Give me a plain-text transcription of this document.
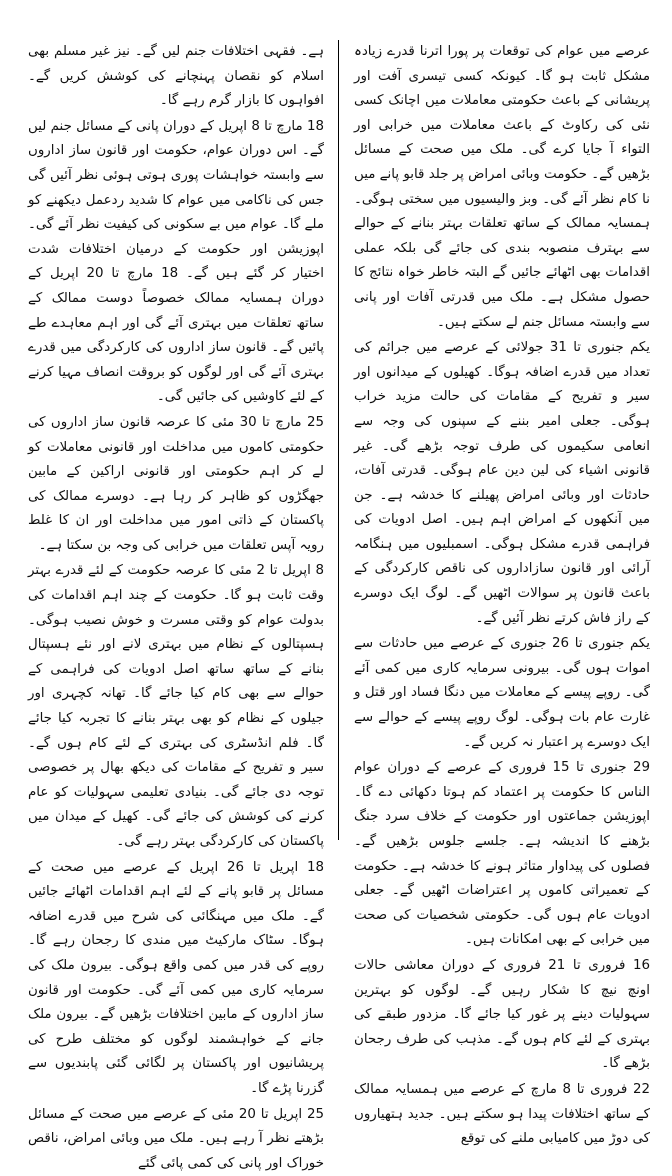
عرصے میں عوام کی توقعات پر پورا اترنا قدرے زیادہ مشکل ثابت ہو گا۔ کیونکہ کسی تیسری آفت اور پریشانی کے باعث حکومتی معاملات میں اچانک کسی نئی کی رکاوٹ کے باعث معاملات میں خرابی اور التواء آ جایا کرے گی۔ ملک میں صحت کے مسائل بڑھیں گے۔ حکومت وبائی امراض پر جلد قابو پانے میں نا کام نظر آئے گی۔ وبز والیسیوں میں سختی ہوگی۔ ہمسایہ ممالک کے ساتھ تعلقات بہتر بنانے کے حوالے سے بہترف منصوبہ بندی کی جائے گی بلکہ عملی اقدامات بھی اٹھائے جائیں گے البتہ خاطر خواہ نتائج کا حصول مشکل ہے۔ ملک میں قدرتی آفات اور پانی سے وابستہ مسائل جنم لے سکتے ہیں۔

یکم جنوری تا 31 جولائی کے عرصے میں جرائم کی تعداد میں قدرے اضافہ ہوگا۔ کھیلوں کے میدانوں اور سیر و تفریح کے مقامات کی حالت مزید خراب ہوگی۔ جعلی امیر بننے کے سپنوں کی وجہ سے انعامی سکیموں کی طرف توجہ بڑھے گی۔ غیر قانونی اشیاء کی لین دین عام ہوگی۔ قدرتی آفات، حادثات اور وبائی امراض پھیلنے کا خدشہ ہے۔ جن میں آنکھوں کے امراض اہم ہیں۔ اصل ادویات کی فراہمی قدرے مشکل ہوگی۔ اسمبلیوں میں ہنگامہ آرائی اور قانون سازاداروں کی ناقص کارکردگی کے باعث قانون پر سوالات اٹھیں گے۔ لوگ ایک دوسرے کے راز فاش کرتے نظر آئیں گے۔

یکم جنوری تا 26 جنوری کے عرصے میں حادثات سے اموات ہوں گی۔ بیرونی سرمایہ کاری میں کمی آئے گی۔ روپے پیسے کے معاملات میں دنگا فساد اور قتل و غارت عام بات ہوگی۔ لوگ روپے پیسے کے حوالے سے ایک دوسرے پر اعتبار نہ کریں گے۔

29 جنوری تا 15 فروری کے عرصے کے دوران عوام الناس کا حکومت پر اعتماد کم ہوتا دکھائی دے گا۔ اپوزیشن جماعتوں اور حکومت کے خلاف سرد جنگ بڑھنے کا اندیشہ ہے۔ جلسے جلوس بڑھیں گے۔ فصلوں کی پیداوار متاثر ہونے کا خدشہ ہے۔ حکومت کے تعمیراتی کاموں پر اعتراضات اٹھیں گے۔ جعلی ادویات عام ہوں گی۔ حکومتی شخصیات کی صحت میں خرابی کے بھی امکانات ہیں۔

16 فروری تا 21 فروری کے دوران معاشی حالات اونچ نیچ کا شکار رہیں گے۔ لوگوں کو بہترین سہولیات دینے پر غور کیا جائے گا۔ مزدور طبقے کی بہتری کے لئے کام ہوں گے۔ مذہب کی طرف رجحان بڑھے گا۔

22 فروری تا 8 مارچ کے عرصے میں ہمسایہ ممالک کے ساتھ اختلافات پیدا ہو سکتے ہیں۔ جدید ہتھیاروں کی دوڑ میں کامیابی ملنے کی توقع

ہے۔ فقہی اختلافات جنم لیں گے۔ نیز غیر مسلم بھی اسلام کو نقصان پہنچانے کی کوشش کریں گے۔ افواہوں کا بازار گرم رہے گا۔

18 مارچ تا 8 اپریل کے دوران پانی کے مسائل جنم لیں گے۔ اس دوران عوام، حکومت اور قانون ساز اداروں سے وابستہ خواہشات پوری ہوتی ہوئی نظر آئیں گی جس کی ناکامی میں عوام کا شدید ردعمل دیکھنے کو ملے گا۔ عوام میں بے سکونی کی کیفیت نظر آئے گی۔ اپوزیشن اور حکومت کے درمیان اختلافات شدت اختیار کر گئے ہیں گے۔ 18 مارچ تا 20 اپریل کے دوران ہمسایہ ممالک خصوصاً دوست ممالک کے ساتھ تعلقات میں بہتری آئے گی اور اہم معاہدے طے پائیں گے۔ قانون ساز اداروں کی کارکردگی میں قدرے بہتری آئے گی اور لوگوں کو بروقت انصاف مہیا کرنے کے لئے کاوشیں کی جائیں گی۔

25 مارچ تا 30 مئی کا عرصہ قانون ساز اداروں کی حکومتی کاموں میں مداخلت اور قانونی معاملات کو لے کر اہم حکومتی اور قانونی اراکین کے مابین جھگڑوں کو ظاہر کر رہا ہے۔ دوسرے ممالک کی پاکستان کے ذاتی امور میں مداخلت اور ان کا غلط رویہ آپس تعلقات میں خرابی کی وجہ بن سکتا ہے۔

8 اپریل تا 2 مئی کا عرصہ حکومت کے لئے قدرے بہتر وقت ثابت ہو گا۔ حکومت کے چند اہم اقدامات کی بدولت عوام کو وقتی مسرت و خوش نصیب ہوگی۔ ہسپتالوں کے نظام میں بہتری لانے اور نئے ہسپتال بنانے کے ساتھ ساتھ اصل ادویات کی فراہمی کے حوالے سے بھی کام کیا جائے گا۔ تھانہ کچہری اور جیلوں کے نظام کو بھی بہتر بنانے کا تجربہ کیا جائے گا۔ فلم انڈسٹری کی بہتری کے لئے کام ہوں گے۔ سیر و تفریح کے مقامات کی دیکھ بھال پر خصوصی توجہ دی جائے گی۔ بنیادی تعلیمی سہولیات کو عام کرنے کی کوشش کی جائے گی۔ کھیل کے میدان میں پاکستان کی کارکردگی بہتر رہے گی۔

18 اپریل تا 26 اپریل کے عرصے میں صحت کے مسائل پر قابو پانے کے لئے اہم اقدامات اٹھائے جائیں گے۔ ملک میں مہنگائی کی شرح میں قدرے اضافہ ہوگا۔ سٹاک مارکیٹ میں مندی کا رجحان رہے گا۔ روپے کی قدر میں کمی واقع ہوگی۔ بیرون ملک کی سرمایہ کاری میں کمی آئے گی۔ حکومت اور قانون ساز اداروں کے مابین اختلافات بڑھیں گے۔ بیرون ملک جانے کے خواہشمند لوگوں کو مختلف طرح کی پریشانیوں اور پاکستان پر لگائی گئی پابندیوں سے گزرنا پڑے گا۔

25 اپریل تا 20 مئی کے عرصے میں صحت کے مسائل بڑھتے نظر آ رہے ہیں۔ ملک میں وبائی امراض، ناقص خوراک اور پانی کی کمی پائی گئے
